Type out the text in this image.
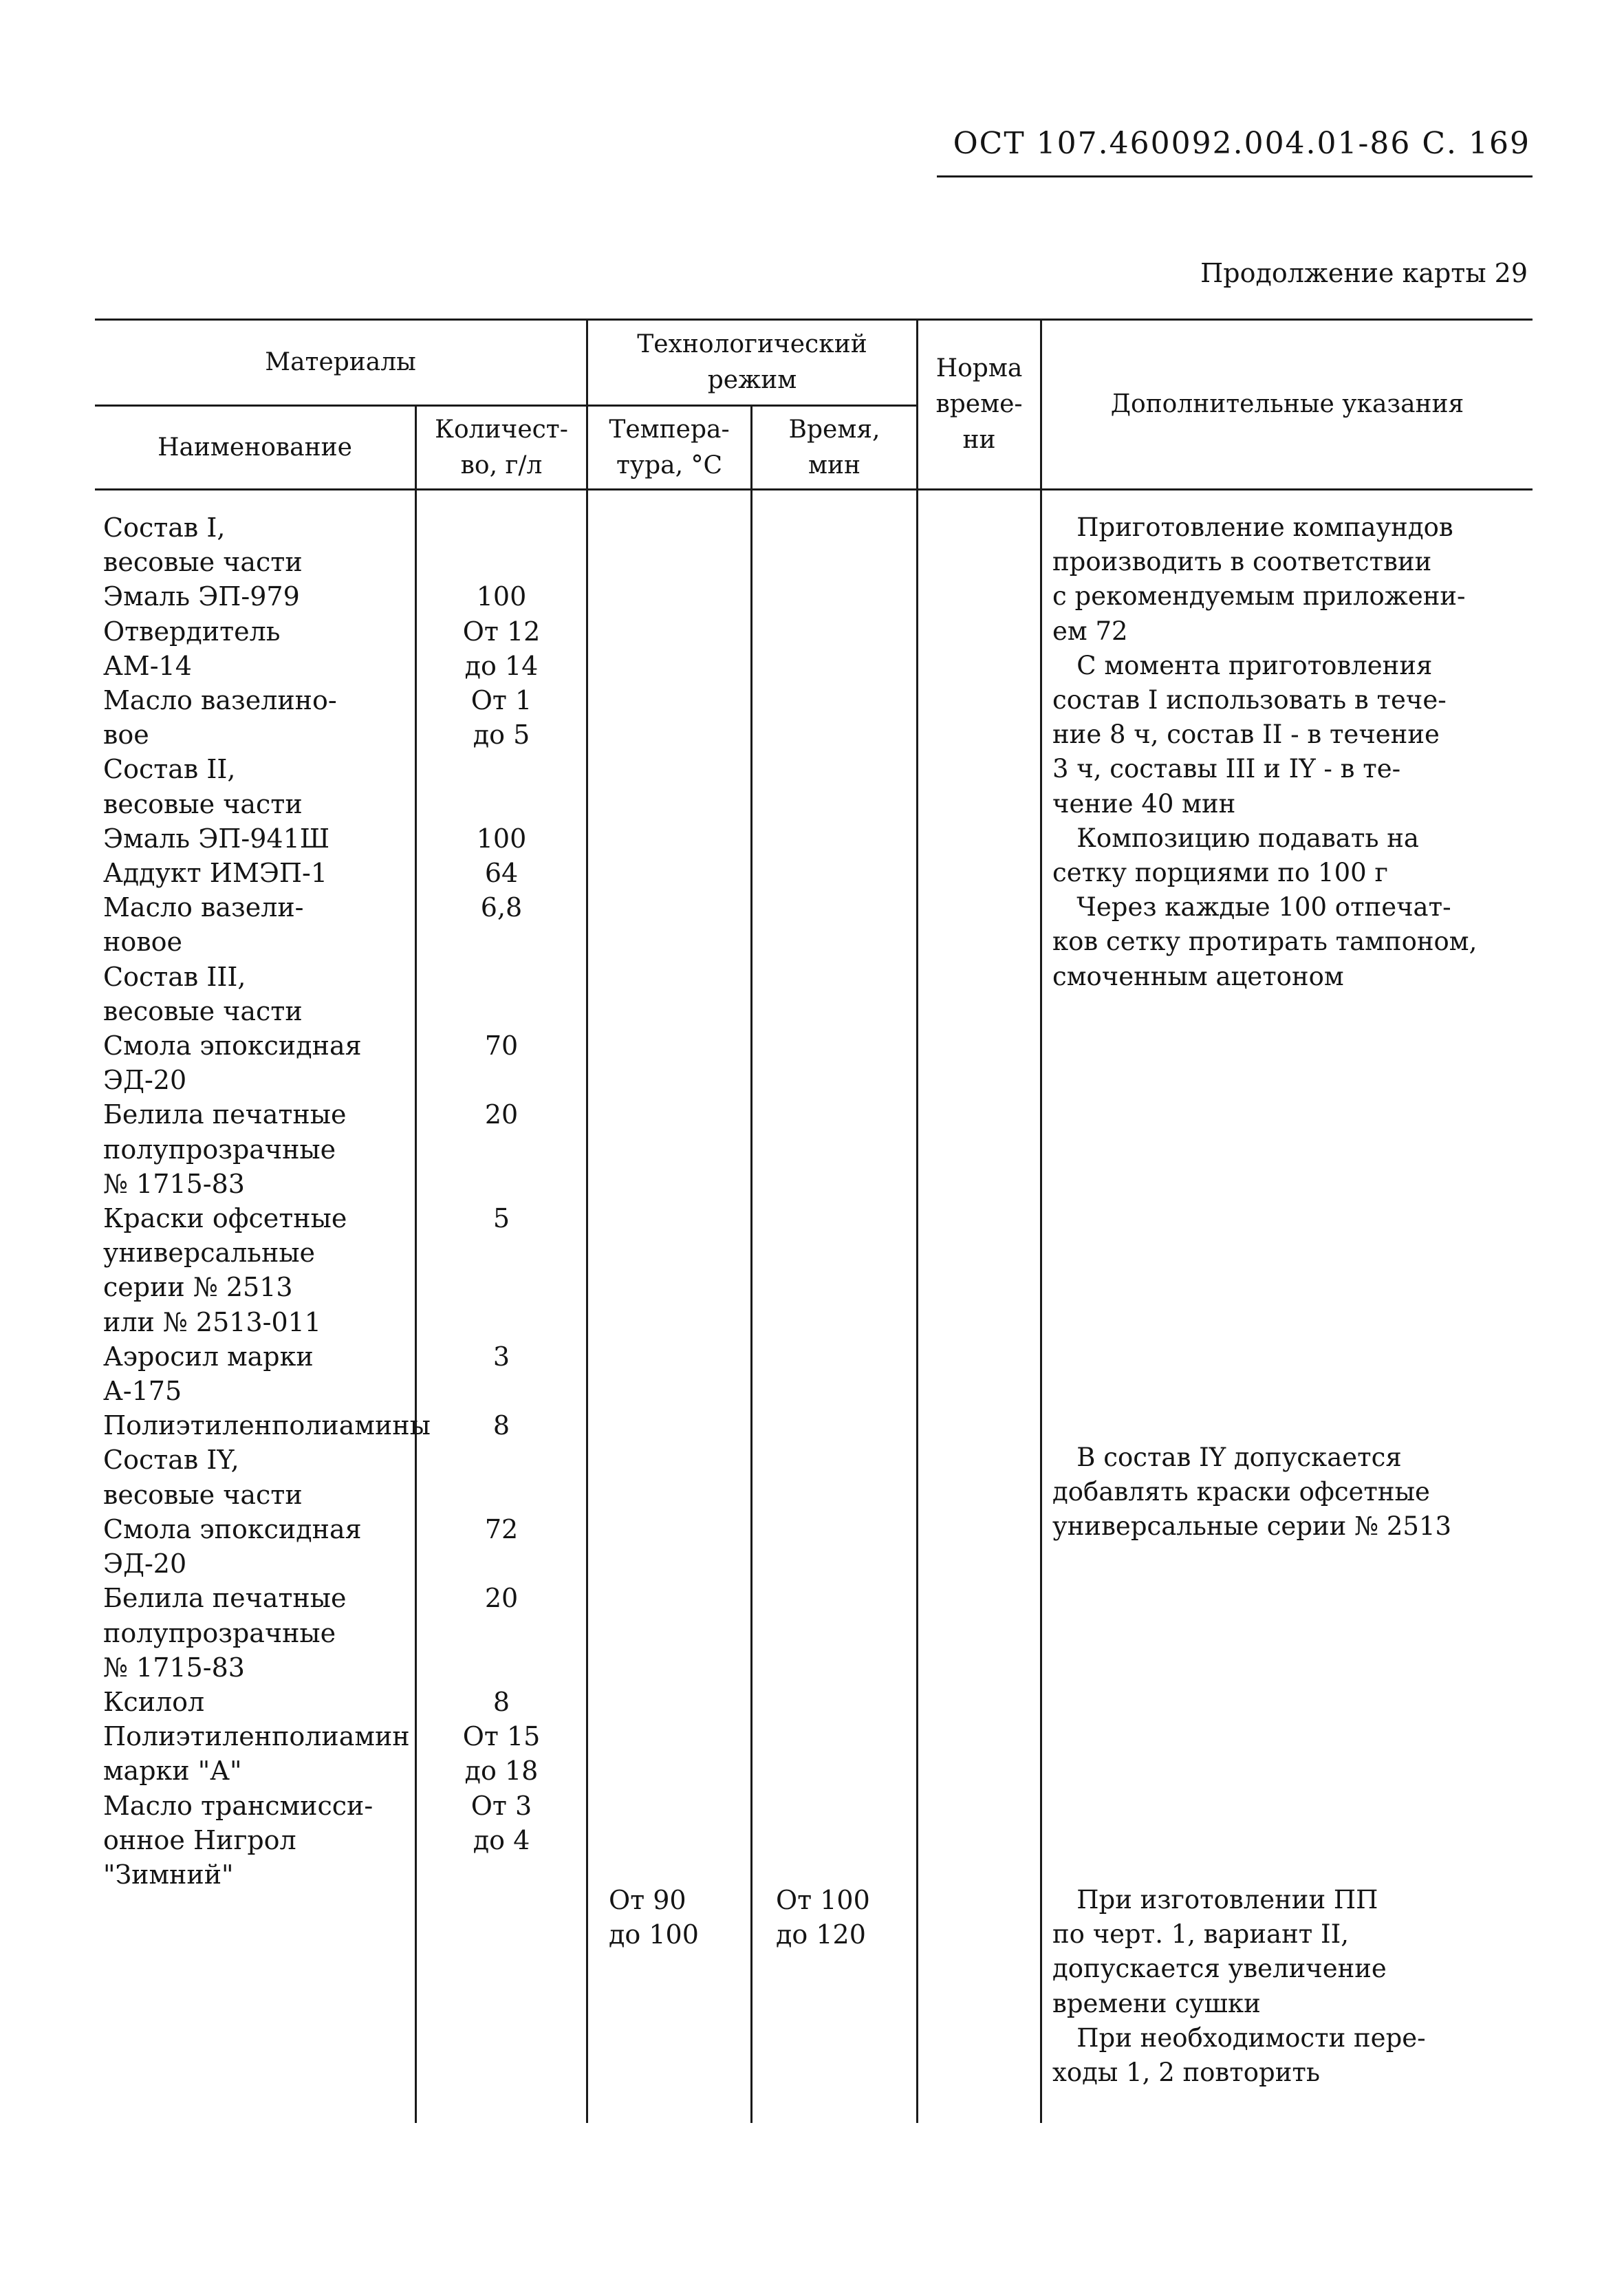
ОСТ 107.460092.004.01-86 С. 169
Продолжение карты 29
Материалы
Наименование
Количест-
во, г/л
Технологический
режим
Темпера-
тура, °С
Время,
мин
Норма
време-
ни
Дополнительные указания
Состав I,
весовые части
Эмаль ЭП-979
Отвердитель
АМ-14
Масло вазелино-
вое
Состав II,
весовые части
Эмаль ЭП-941Ш
Аддукт ИМЭП-1
Масло вазели-
новое
Состав III,
весовые части
Смола эпоксидная
ЭД-20
Белила печатные
полупрозрачные
№ 1715-83
Краски офсетные
универсальные
серии № 2513
или № 2513-011
Аэросил марки
А-175
Полиэтиленполиамины
Состав IY,
весовые части
Смола эпоксидная
ЭД-20
Белила печатные
полупрозрачные
№ 1715-83
Ксилол
Полиэтиленполиамин
марки "А"
Масло трансмисси-
онное Нигрол
"Зимний"

100
От 12
до 14
От 1
до 5

100
64
6,8

70

20

5

3

8

72

20

8
От 15
до 18
От 3
до 4
От 90
до 100
От 100
до 120
Приготовление компаундов
производить в соответствии
с рекомендуемым приложени-
ем 72
С момента приготовления
состав I использовать в тече-
ние 8 ч, состав II - в течение
3 ч, составы III и IY - в те-
чение 40 мин
Композицию подавать на
сетку порциями по 100 г
Через каждые 100 отпечат-
ков сетку протирать тампоном,
смоченным ацетоном
В состав IY допускается
добавлять краски офсетные
универсальные серии № 2513
При изготовлении ПП
по черт. 1, вариант II,
допускается увеличение
времени сушки
При необходимости пере-
ходы 1, 2 повторить
